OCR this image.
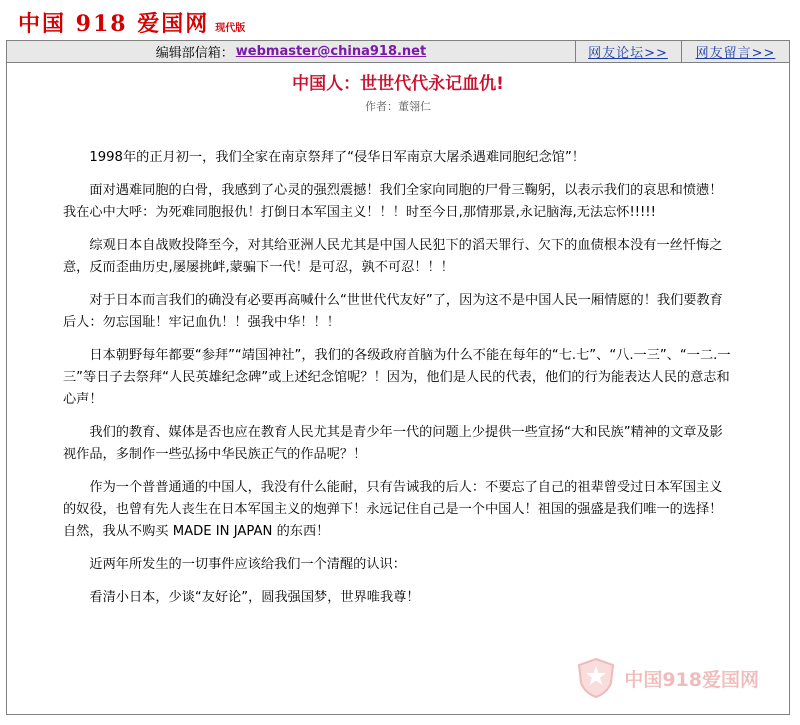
中国 918 爱国网 现代版
编辑部信箱： webmaster@china918.net	网友论坛>> 网友留言>>
中国人：世世代代永记血仇!
作者：董翎仁

1998年的正月初一，我们全家在南京祭拜了“侵华日军南京大屠杀遇难同胞纪念馆”！

面对遇难同胞的白骨，我感到了心灵的强烈震撼！我们全家向同胞的尸骨三鞠躬，以表示我们的哀思和愤懑！我在心中大呼：为死难同胞报仇！打倒日本军国主义！！！时至今日,那情那景,永记脑海,无法忘怀!!!!!

综观日本自战败投降至今，对其给亚洲人民尤其是中国人民犯下的滔天罪行、欠下的血债根本没有一丝忏悔之意，反而歪曲历史,屡屡挑衅,蒙骗下一代！是可忍，孰不可忍！！！

对于日本而言我们的确没有必要再高喊什么“世世代代友好”了，因为这不是中国人民一厢情愿的！我们要教育后人：勿忘国耻！牢记血仇！！强我中华！！！

日本朝野每年都要“参拜”“靖国神社”，我们的各级政府首脑为什么不能在每年的“七.七”、“八.一三”、“一二.一三”等日子去祭拜“人民英雄纪念碑”或上述纪念馆呢？！因为，他们是人民的代表，他们的行为能表达人民的意志和心声！

我们的教育、媒体是否也应在教育人民尤其是青少年一代的问题上少提供一些宣扬“大和民族”精神的文章及影视作品，多制作一些弘扬中华民族正气的作品呢？！

作为一个普普通通的中国人，我没有什么能耐，只有告诫我的后人：不要忘了自己的祖辈曾受过日本军国主义的奴役，也曾有先人丧生在日本军国主义的炮弹下！永远记住自己是一个中国人！祖国的强盛是我们唯一的选择！自然，我从不购买 MADE IN JAPAN 的东西！

近两年所发生的一切事件应该给我们一个清醒的认识：

看清小日本，少谈“友好论”，圆我强国梦，世界唯我尊！

中国918爱国网
